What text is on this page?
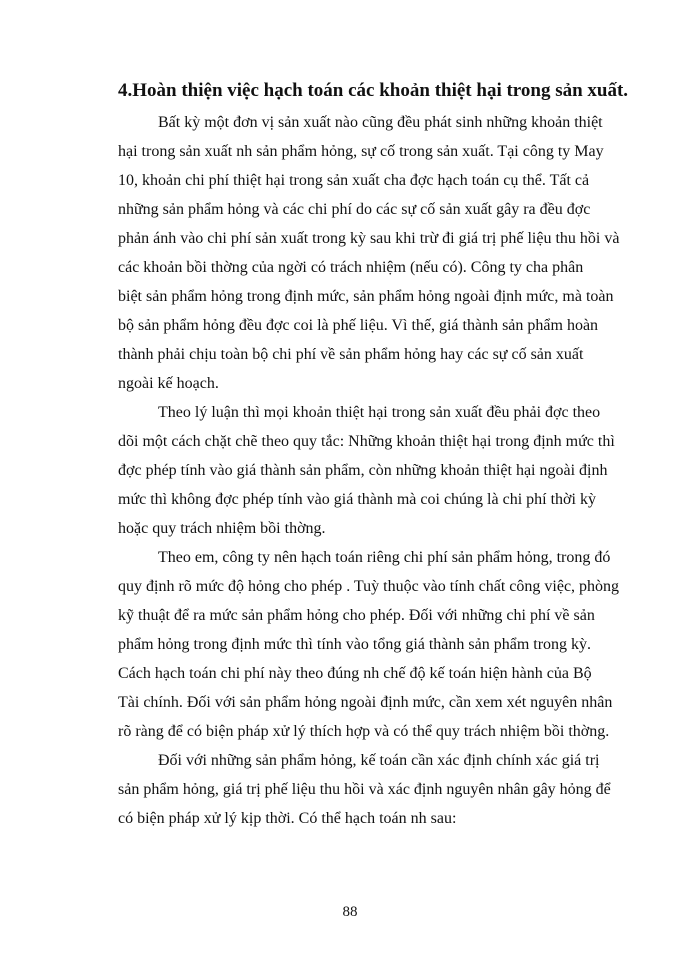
4.Hoàn thiện việc hạch toán các khoản thiệt hại trong sản xuất.

Bất kỳ một đơn vị sản xuất nào cũng đều phát sinh những khoản thiệt
hại trong sản xuất nh sản phẩm hỏng, sự cố trong sản xuất. Tại công ty May
10, khoản chi phí thiệt hại trong sản xuất cha đợc hạch toán cụ thể. Tất cả
những sản phẩm hỏng và các chi phí do các sự cố sản xuất gây ra đều đợc
phản ánh vào chi phí sản xuất trong kỳ sau khi trừ đi giá trị phế liệu thu hồi và
các khoản bồi thờng của ngời có trách nhiệm (nếu có). Công ty cha phân
biệt sản phẩm hỏng trong định mức, sản phẩm hỏng ngoài định mức, mà toàn
bộ sản phẩm hỏng đều đợc coi là phế liệu. Vì thế, giá thành sản phẩm hoàn
thành phải chịu toàn bộ chi phí về sản phẩm hỏng hay các sự cố sản xuất
ngoài kế hoạch.

Theo lý luận thì mọi khoản thiệt hại trong sản xuất đều phải đợc theo
dõi một cách chặt chẽ theo quy tắc: Những khoản thiệt hại trong định mức thì
đợc phép tính vào giá thành sản phẩm, còn những khoản thiệt hại ngoài định
mức thì không đợc phép tính vào giá thành mà coi chúng là chi phí thời kỳ
hoặc quy trách nhiệm bồi thờng.

Theo em, công ty nên hạch toán riêng chi phí sản phẩm hỏng, trong đó
quy định rõ mức độ hỏng cho phép . Tuỳ thuộc vào tính chất công việc, phòng
kỹ thuật để ra mức sản phẩm hỏng cho phép. Đối với những chi phí về sản
phẩm hỏng trong định mức thì tính vào tổng giá thành sản phẩm trong kỳ.
Cách hạch toán chi phí này theo đúng nh chế độ kế toán hiện hành của Bộ
Tài chính. Đối với sản phẩm hỏng ngoài định mức, cần xem xét nguyên nhân
rõ ràng để có biện pháp xử lý thích hợp và có thể quy trách nhiệm bồi thờng.

Đối với những sản phẩm hỏng, kế toán cần xác định chính xác giá trị
sản phẩm hỏng, giá trị phế liệu thu hồi và xác định nguyên nhân gây hỏng để
có biện pháp xử lý kịp thời. Có thể hạch toán nh sau:

88
